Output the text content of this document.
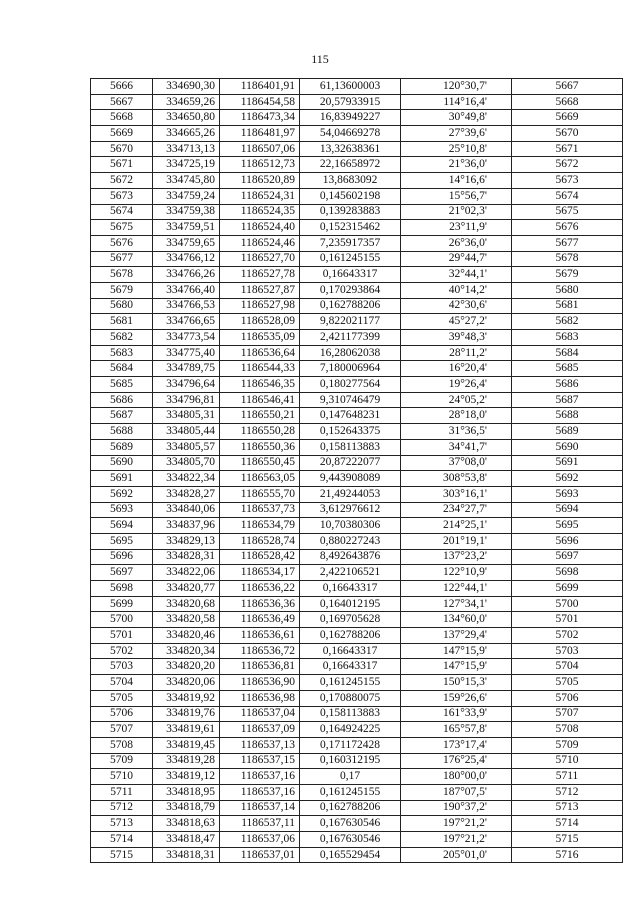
115
5666	334690,30	1186401,91	61,13600003	120°30,7'	5667
5667	334659,26	1186454,58	20,57933915	114°16,4'	5668
5668	334650,80	1186473,34	16,83949227	30°49,8'	5669
5669	334665,26	1186481,97	54,04669278	27°39,6'	5670
5670	334713,13	1186507,06	13,32638361	25°10,8'	5671
5671	334725,19	1186512,73	22,16658972	21°36,0'	5672
5672	334745,80	1186520,89	13,8683092	14°16,6'	5673
5673	334759,24	1186524,31	0,145602198	15°56,7'	5674
5674	334759,38	1186524,35	0,139283883	21°02,3'	5675
5675	334759,51	1186524,40	0,152315462	23°11,9'	5676
5676	334759,65	1186524,46	7,235917357	26°36,0'	5677
5677	334766,12	1186527,70	0,161245155	29°44,7'	5678
5678	334766,26	1186527,78	0,16643317	32°44,1'	5679
5679	334766,40	1186527,87	0,170293864	40°14,2'	5680
5680	334766,53	1186527,98	0,162788206	42°30,6'	5681
5681	334766,65	1186528,09	9,822021177	45°27,2'	5682
5682	334773,54	1186535,09	2,421177399	39°48,3'	5683
5683	334775,40	1186536,64	16,28062038	28°11,2'	5684
5684	334789,75	1186544,33	7,180006964	16°20,4'	5685
5685	334796,64	1186546,35	0,180277564	19°26,4'	5686
5686	334796,81	1186546,41	9,310746479	24°05,2'	5687
5687	334805,31	1186550,21	0,147648231	28°18,0'	5688
5688	334805,44	1186550,28	0,152643375	31°36,5'	5689
5689	334805,57	1186550,36	0,158113883	34°41,7'	5690
5690	334805,70	1186550,45	20,87222077	37°08,0'	5691
5691	334822,34	1186563,05	9,443908089	308°53,8'	5692
5692	334828,27	1186555,70	21,49244053	303°16,1'	5693
5693	334840,06	1186537,73	3,612976612	234°27,7'	5694
5694	334837,96	1186534,79	10,70380306	214°25,1'	5695
5695	334829,13	1186528,74	0,880227243	201°19,1'	5696
5696	334828,31	1186528,42	8,492643876	137°23,2'	5697
5697	334822,06	1186534,17	2,422106521	122°10,9'	5698
5698	334820,77	1186536,22	0,16643317	122°44,1'	5699
5699	334820,68	1186536,36	0,164012195	127°34,1'	5700
5700	334820,58	1186536,49	0,169705628	134°60,0'	5701
5701	334820,46	1186536,61	0,162788206	137°29,4'	5702
5702	334820,34	1186536,72	0,16643317	147°15,9'	5703
5703	334820,20	1186536,81	0,16643317	147°15,9'	5704
5704	334820,06	1186536,90	0,161245155	150°15,3'	5705
5705	334819,92	1186536,98	0,170880075	159°26,6'	5706
5706	334819,76	1186537,04	0,158113883	161°33,9'	5707
5707	334819,61	1186537,09	0,164924225	165°57,8'	5708
5708	334819,45	1186537,13	0,171172428	173°17,4'	5709
5709	334819,28	1186537,15	0,160312195	176°25,4'	5710
5710	334819,12	1186537,16	0,17	180°00,0'	5711
5711	334818,95	1186537,16	0,161245155	187°07,5'	5712
5712	334818,79	1186537,14	0,162788206	190°37,2'	5713
5713	334818,63	1186537,11	0,167630546	197°21,2'	5714
5714	334818,47	1186537,06	0,167630546	197°21,2'	5715
5715	334818,31	1186537,01	0,165529454	205°01,0'	5716
